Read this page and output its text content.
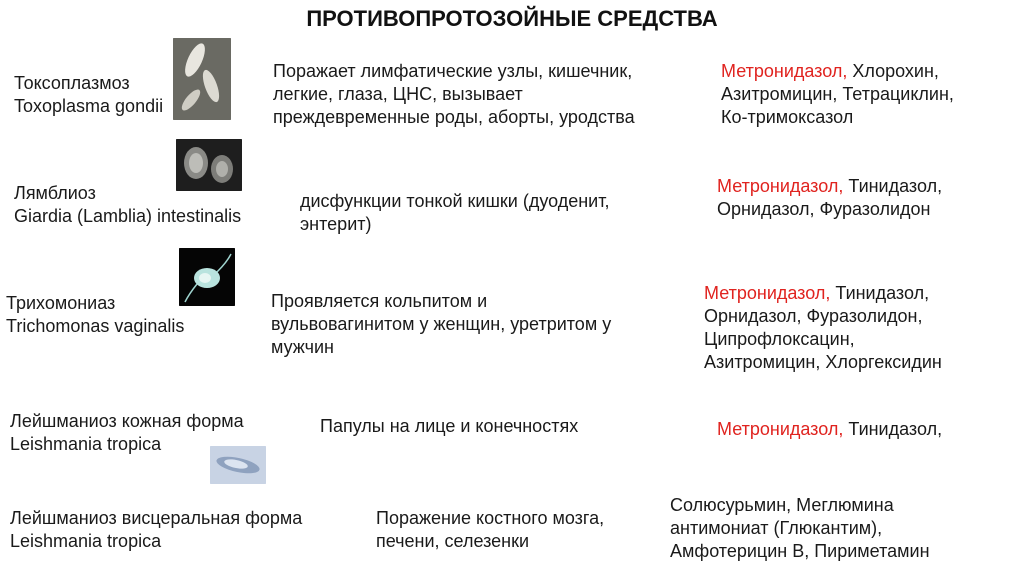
ПРОТИВОПРОТОЗОЙНЫЕ СРЕДСТВА
Токсоплазмоз
Toxoplasma gondii
Поражает лимфатические узлы, кишечник,
легкие, глаза, ЦНС, вызывает
преждевременные роды, аборты, уродства
Метронидазол, Хлорохин,
Азитромицин, Тетрациклин,
Ко-тримоксазол
Лямблиоз
Giardia (Lamblia) intestinalis
дисфункции тонкой кишки (дуоденит,
энтерит)
Метронидазол, Тинидазол,
Орнидазол, Фуразолидон
Трихомониаз
Trichomonas vaginalis
Проявляется кольпитом и
вульвовагинитом у женщин, уретритом у
мужчин
Метронидазол, Тинидазол,
Орнидазол, Фуразолидон,
Ципрофлоксацин,
Азитромицин, Хлоргексидин
Лейшманиоз кожная форма
Leishmania tropica
Папулы на лице и конечностях	Метронидазол, Тинидазол,
Лейшманиоз висцеральная форма
Leishmania tropica
Поражение костного мозга,
печени, селезенки
Солюсурьмин, Меглюмина
антимониат (Глюкантим),
Амфотерицин В, Пириметамин
